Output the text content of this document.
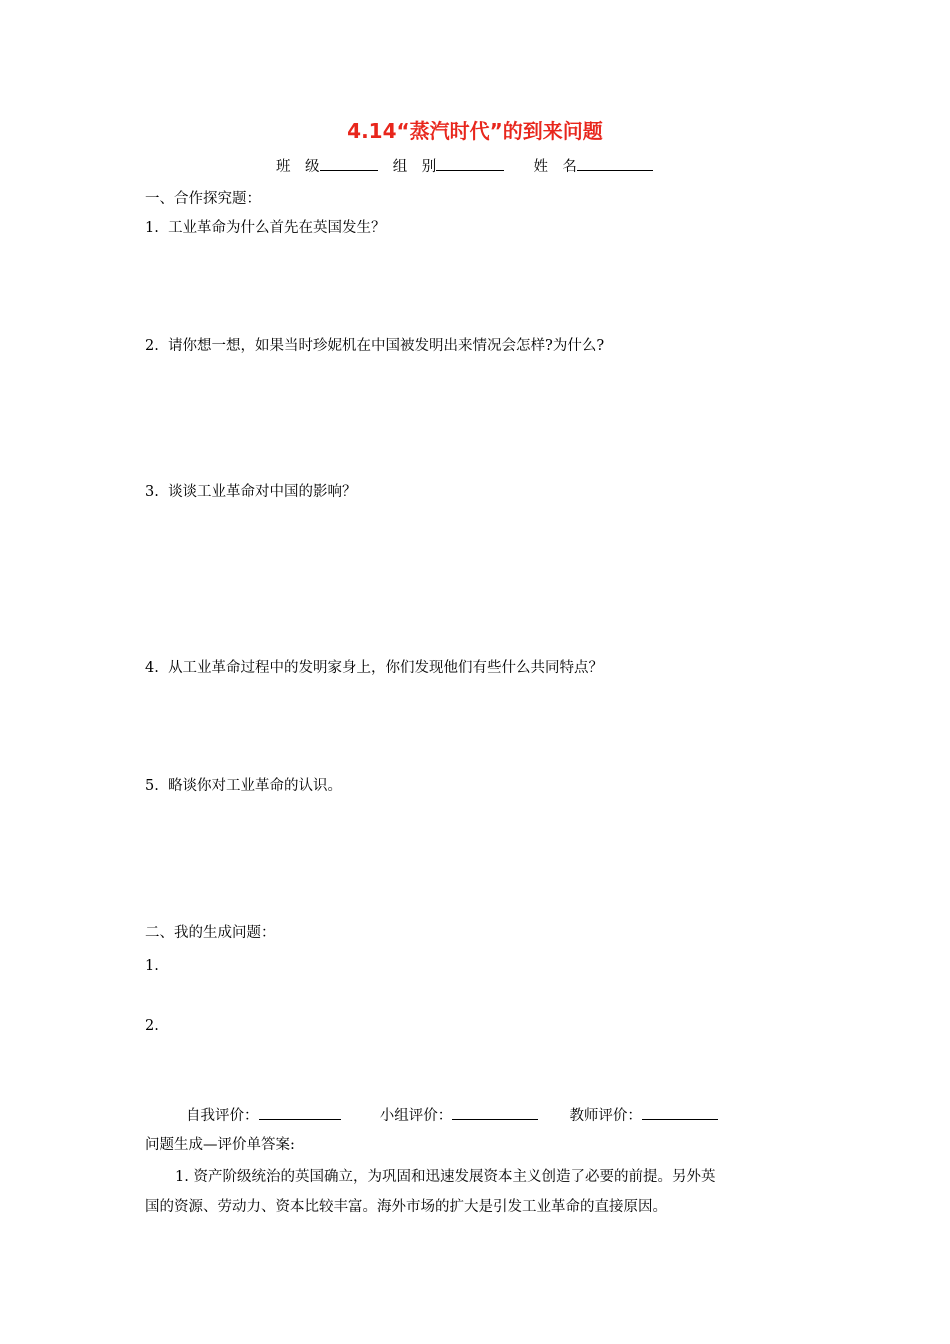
4.14“蒸汽时代”的到来问题
班　级	组　别	姓　名
一、合作探究题：
1. 工业革命为什么首先在英国发生？
2. 请你想一想，如果当时珍妮机在中国被发明出来情况会怎样?为什么?
3. 谈谈工业革命对中国的影响？
4. 从工业革命过程中的发明家身上，你们发现他们有些什么共同特点？
5. 略谈你对工业革命的认识。
二、我的生成问题：
1.
2.
自我评价：	小组评价：	教师评价：
问题生成—评价单答案:
1. 资产阶级统治的英国确立，为巩固和迅速发展资本主义创造了必要的前提。另外英
国的资源、劳动力、资本比较丰富。海外市场的扩大是引发工业革命的直接原因。
